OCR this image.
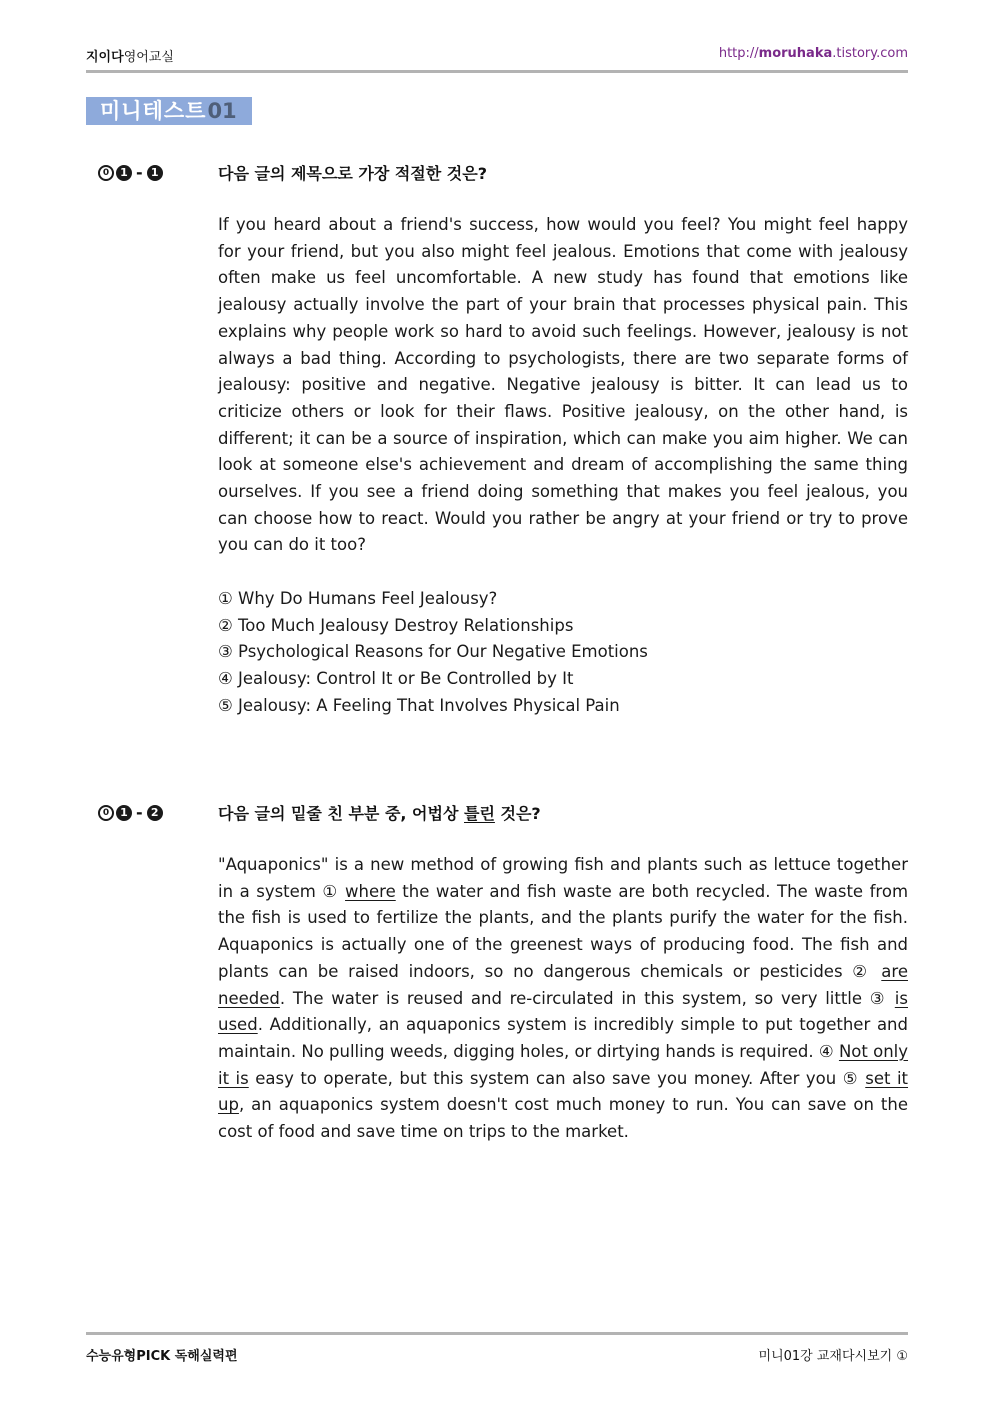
지이다영어교실	http://moruhaka.tistory.com
미니테스트01
0	1 - 1	다음 글의 제목으로 가장 적절한 것은?
If you heard about a friend's success, how would you feel? You might feel happy for your friend, but you also might feel jealous. Emotions that come with jealousy often make us feel uncomfortable. A new study has found that emotions like jealousy actually involve the part of your brain that processes physical pain. This explains why people work so hard to avoid such feelings. However, jealousy is not always a bad thing. According to psychologists, there are two separate forms of jealousy: positive and negative. Negative jealousy is bitter. It can lead us to criticize others or look for their flaws. Positive jealousy, on the other hand, is different; it can be a source of inspiration, which can make you aim higher. We can look at someone else's achievement and dream of accomplishing the same thing ourselves. If you see a friend doing something that makes you feel jealous, you can choose how to react. Would you rather be angry at your friend or try to prove you can do it too?
① Why Do Humans Feel Jealousy?
② Too Much Jealousy Destroy Relationships
③ Psychological Reasons for Our Negative Emotions
④ Jealousy: Control It or Be Controlled by It
⑤ Jealousy: A Feeling That Involves Physical Pain
0	1 - 2	다음 글의 밑줄 친 부분 중, 어법상 틀린 것은?
"Aquaponics" is a new method of growing fish and plants such as lettuce together in a system ① where the water and fish waste are both recycled. The waste from the fish is used to fertilize the plants, and the plants purify the water for the fish. Aquaponics is actually one of the greenest ways of producing food. The fish and plants can be raised indoors, so no dangerous chemicals or pesticides ② are needed. The water is reused and re-circulated in this system, so very little ③ is used. Additionally, an aquaponics system is incredibly simple to put together and maintain. No pulling weeds, digging holes, or dirtying hands is required. ④ Not only it is easy to operate, but this system can also save you money. After you ⑤ set it up, an aquaponics system doesn't cost much money to run. You can save on the cost of food and save time on trips to the market.
수능유형PICK 독해실력편	미니01강 교재다시보기 ①
